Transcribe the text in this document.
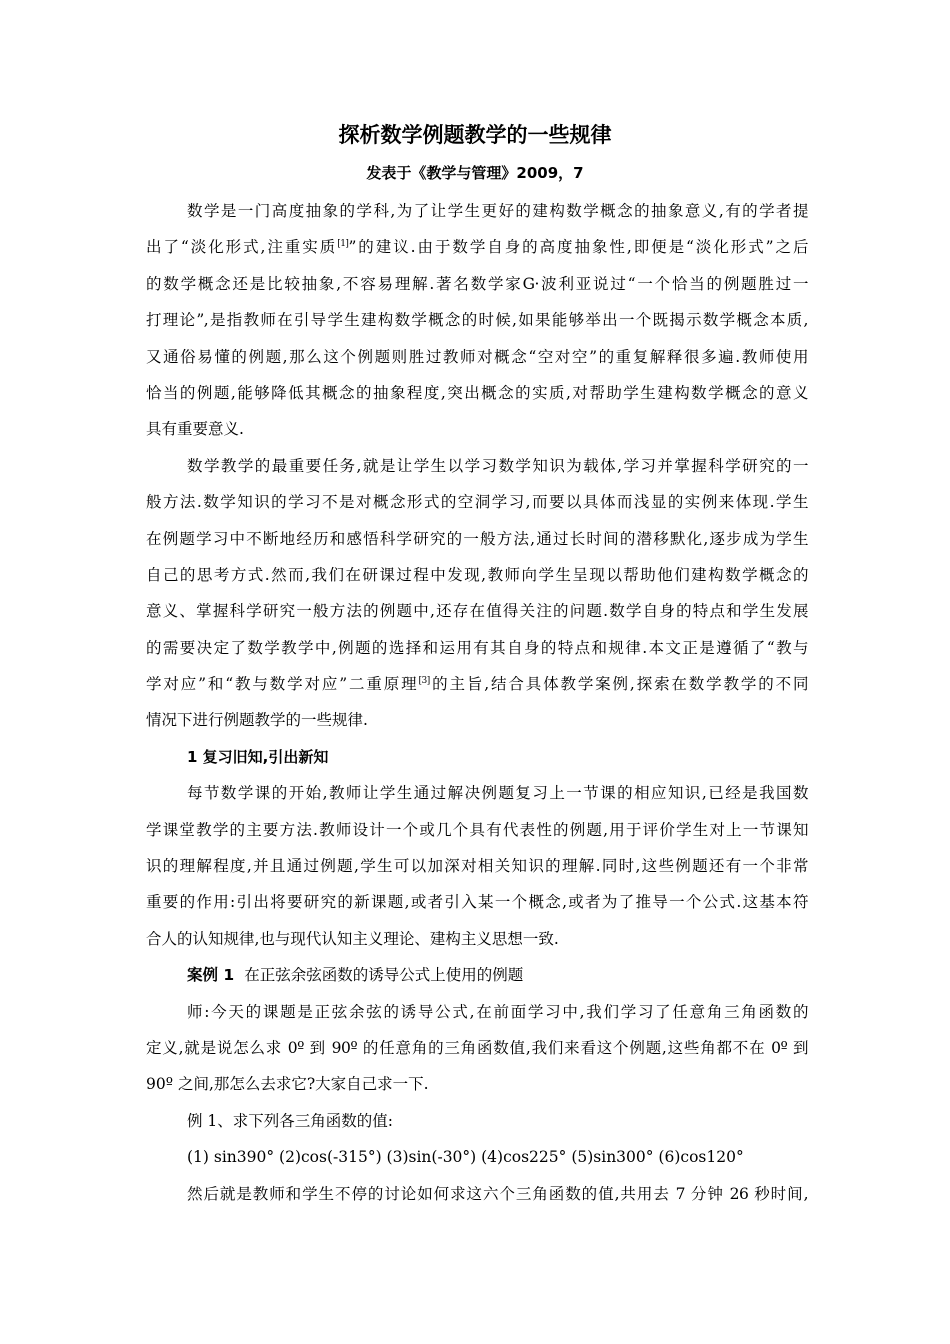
探析数学例题教学的一些规律
发表于《教学与管理》2009，7
数学是一门高度抽象的学科,为了让学生更好的建构数学概念的抽象意义,有的学者提
出了“淡化形式,注重实质[1]”的建议.由于数学自身的高度抽象性,即便是“淡化形式”之后
的数学概念还是比较抽象,不容易理解.著名数学家G·波利亚说过“一个恰当的例题胜过一
打理论”,是指教师在引导学生建构数学概念的时候,如果能够举出一个既揭示数学概念本质,
又通俗易懂的例题,那么这个例题则胜过教师对概念“空对空”的重复解释很多遍.教师使用
恰当的例题,能够降低其概念的抽象程度,突出概念的实质,对帮助学生建构数学概念的意义
具有重要意义.
数学教学的最重要任务,就是让学生以学习数学知识为载体,学习并掌握科学研究的一
般方法.数学知识的学习不是对概念形式的空洞学习,而要以具体而浅显的实例来体现.学生
在例题学习中不断地经历和感悟科学研究的一般方法,通过长时间的潜移默化,逐步成为学生
自己的思考方式.然而,我们在研课过程中发现,教师向学生呈现以帮助他们建构数学概念的
意义、掌握科学研究一般方法的例题中,还存在值得关注的问题.数学自身的特点和学生发展
的需要决定了数学教学中,例题的选择和运用有其自身的特点和规律.本文正是遵循了“教与
学对应”和“教与数学对应”二重原理[3]的主旨,结合具体教学案例,探索在数学教学的不同
情况下进行例题教学的一些规律.
1 复习旧知,引出新知
每节数学课的开始,教师让学生通过解决例题复习上一节课的相应知识,已经是我国数
学课堂教学的主要方法.教师设计一个或几个具有代表性的例题,用于评价学生对上一节课知
识的理解程度,并且通过例题,学生可以加深对相关知识的理解.同时,这些例题还有一个非常
重要的作用:引出将要研究的新课题,或者引入某一个概念,或者为了推导一个公式.这基本符
合人的认知规律,也与现代认知主义理论、建构主义思想一致.
案例 1 在正弦余弦函数的诱导公式上使用的例题
师:今天的课题是正弦余弦的诱导公式,在前面学习中,我们学习了任意角三角函数的
定义,就是说怎么求 0º 到 90º 的任意角的三角函数值,我们来看这个例题,这些角都不在 0º 到
90º 之间,那怎么去求它?大家自己求一下.
例 1、求下列各三角函数的值:
(1) sin390° (2)cos(-315°) (3)sin(-30°) (4)cos225° (5)sin300° (6)cos120°
然后就是教师和学生不停的讨论如何求这六个三角函数的值,共用去 7 分钟 26 秒时间,
